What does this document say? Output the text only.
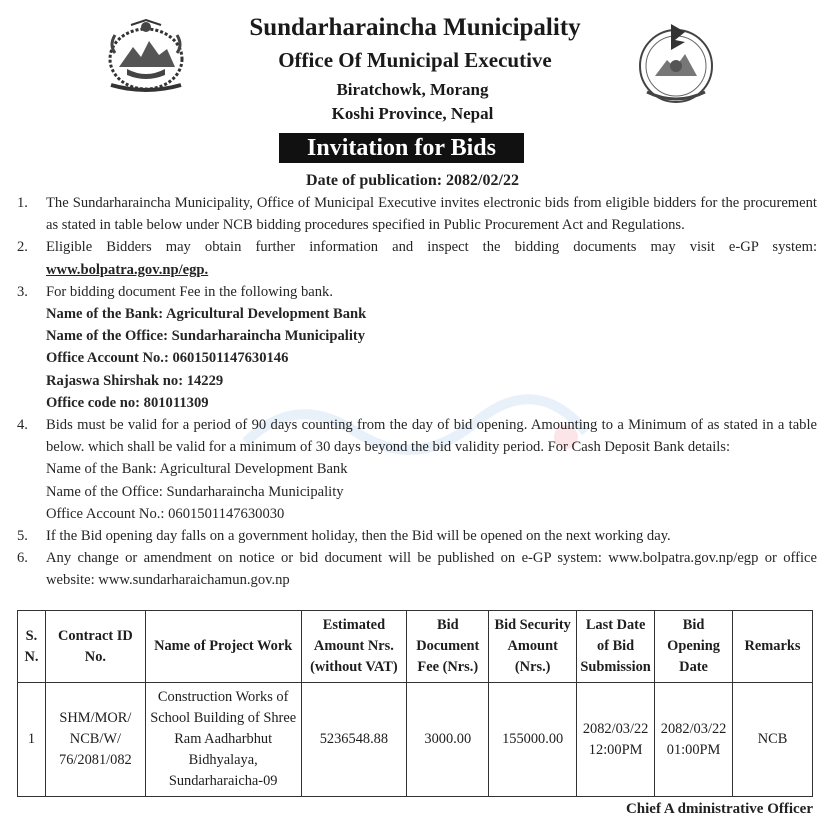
Sundarharaincha Municipality
Office Of Municipal Executive
Biratchowk, Morang
Koshi Province, Nepal
Invitation for Bids
Date of publication: 2082/02/22
1. The Sundarharaincha Municipality, Office of Municipal Executive invites electronic bids from eligible bidders for the procurement as stated in table below under NCB bidding procedures specified in Public Procurement Act and Regulations.
2. Eligible Bidders may obtain further information and inspect the bidding documents may visit e-GP system: www.bolpatra.gov.np/egp.
3. For bidding document Fee in the following bank.
Name of the Bank: Agricultural Development Bank
Name of the Office: Sundarharaincha Municipality
Office Account No.: 0601501147630146
Rajaswa Shirshak no: 14229
Office code no: 801011309
4. Bids must be valid for a period of 90 days counting from the day of bid opening. Amounting to a Minimum of as stated in a table below. which shall be valid for a minimum of 30 days beyond the bid validity period. For Cash Deposit Bank details:
Name of the Bank: Agricultural Development Bank
Name of the Office: Sundarharaincha Municipality
Office Account No.: 0601501147630030
5. If the Bid opening day falls on a government holiday, then the Bid will be opened on the next working day.
6. Any change or amendment on notice or bid document will be published on e-GP system: www.bolpatra.gov.np/egp or office website: www.sundarharaichamun.gov.np
S. N.	Contract ID No.	Name of Project Work	Estimated Amount Nrs. (without VAT)	Bid Document Fee (Nrs.)	Bid Security Amount (Nrs.)	Last Date of Bid Submission	Bid Opening Date	Remarks
1	SHM/MOR/ NCB/W/ 76/2081/082	Construction Works of School Building of Shree Ram Aadharbhut Bidhyalaya, Sundarharaicha-09	5236548.88	3000.00	155000.00	2082/03/22 12:00PM	2082/03/22 01:00PM	NCB
Chief A dministrative Officer
